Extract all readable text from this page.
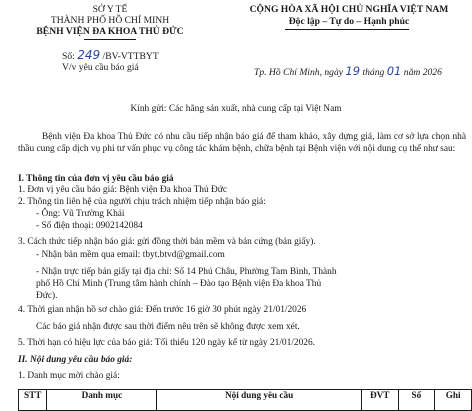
SỞ Y TẾ
THÀNH PHỐ HỒ CHÍ MINH
BỆNH VIỆN ĐA KHOA THỦ ĐỨC
Số: 249 /BV-VTTBYT
V/v yêu cầu báo giá
CỘNG HÒA XÃ HỘI CHỦ NGHĨA VIỆT NAM
Độc lập – Tự do – Hạnh phúc
Tp. Hồ Chí Minh, ngày 19 tháng 01 năm 2026
Kính gửi: Các hãng sản xuất, nhà cung cấp tại Việt Nam
Bệnh viện Đa khoa Thủ Đức có nhu cầu tiếp nhận báo giá để tham khảo, xây dựng giá, làm cơ sở lựa chọn nhà thầu cung cấp dịch vụ phi tư vấn phục vụ công tác khám bệnh, chữa bệnh tại Bệnh viện với nội dung cụ thể như sau:
I. Thông tin của đơn vị yêu cầu báo giá
1. Đơn vị yêu cầu báo giá: Bệnh viện Đa khoa Thủ Đức
2. Thông tin liên hệ của người chịu trách nhiệm tiếp nhận báo giá:
- Ông: Vũ Trường Khải
- Số điện thoại: 0902142084
3. Cách thức tiếp nhận báo giá: gửi đồng thời bản mềm và bản cứng (bản giấy).
- Nhận bản mềm qua email: tbyt.btvd@gmail.com
- Nhận trực tiếp bản giấy tại địa chỉ: Số 14 Phú Châu, Phường Tam Bình, Thành
phố Hồ Chí Minh (Trung tâm hành chính – Đào tạo Bệnh viện Đa khoa Thủ
Đức).
4. Thời gian nhận hồ sơ chào giá: Đến trước 16 giờ 30 phút ngày 21/01/2026
Các báo giá nhận được sau thời điểm nêu trên sẽ không được xem xét.
5. Thời hạn có hiệu lực của báo giá: Tối thiểu 120 ngày kể từ ngày 21/01/2026.
II. Nội dung yêu cầu báo giá:
1. Danh mục mời chào giá:
STT	Danh mục	Nội dung yêu cầu	ĐVT	Số	Ghi
